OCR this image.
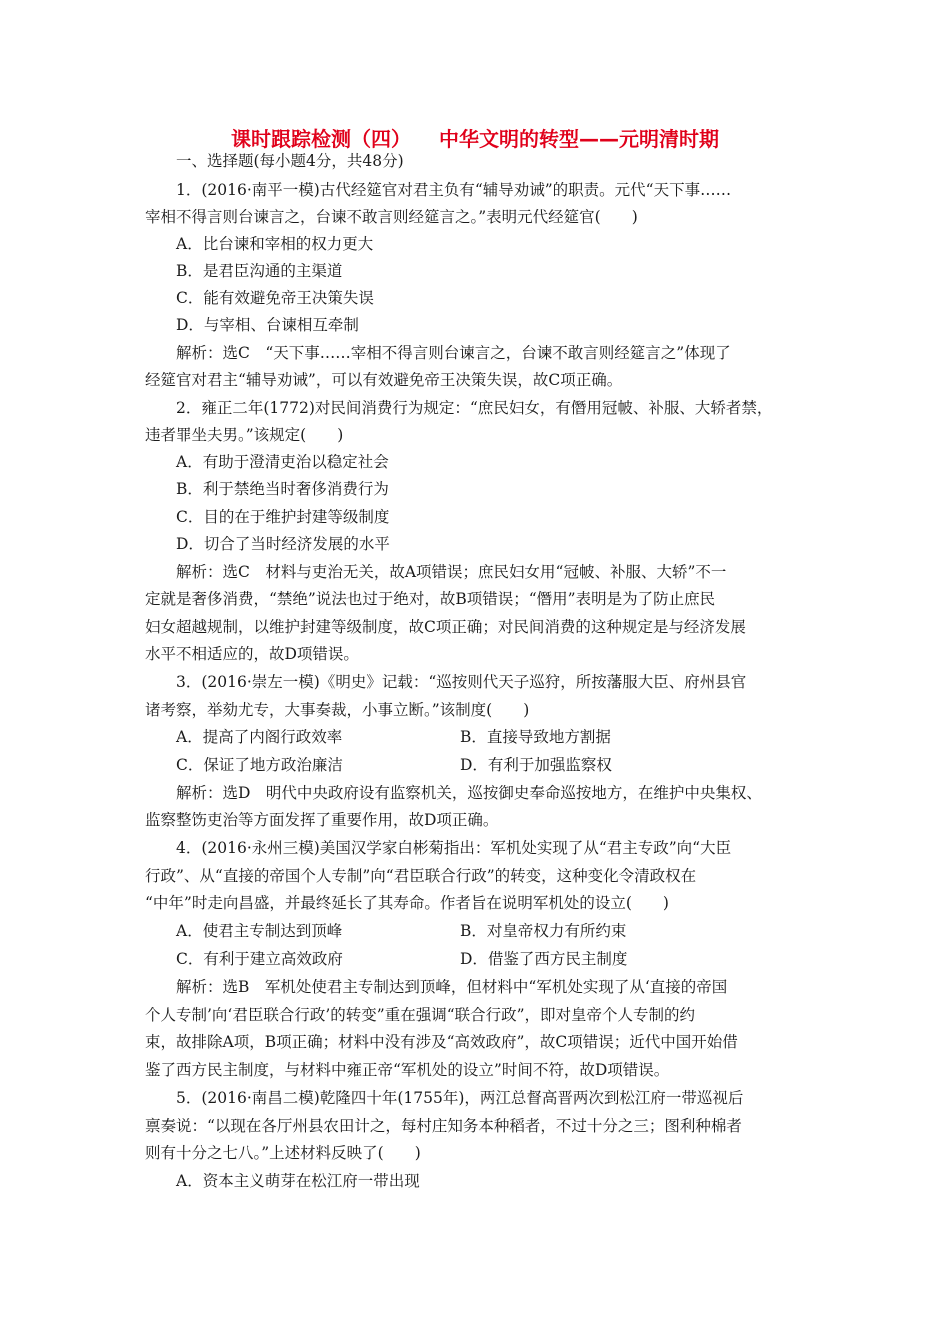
课时跟踪检测（四） 中华文明的转型——元明清时期
一、选择题(每小题4分，共48分)
1．(2016·南平一模)古代经筵官对君主负有“辅导劝诫”的职责。元代“天下事……
宰相不得言则台谏言之，台谏不敢言则经筵言之。”表明元代经筵官(　　)
A．比台谏和宰相的权力更大
B．是君臣沟通的主渠道
C．能有效避免帝王决策失误
D．与宰相、台谏相互牵制
解析：选C　“天下事……宰相不得言则台谏言之，台谏不敢言则经筵言之”体现了
经筵官对君主“辅导劝诫”，可以有效避免帝王决策失误，故C项正确。
2．雍正二年(1772)对民间消费行为规定：“庶民妇女，有僭用冠帔、补服、大轿者禁，
违者罪坐夫男。”该规定(　　)
A．有助于澄清吏治以稳定社会
B．利于禁绝当时奢侈消费行为
C．目的在于维护封建等级制度
D．切合了当时经济发展的水平
解析：选C　材料与吏治无关，故A项错误；庶民妇女用“冠帔、补服、大轿”不一
定就是奢侈消费，“禁绝”说法也过于绝对，故B项错误；“僭用”表明是为了防止庶民
妇女超越规制，以维护封建等级制度，故C项正确；对民间消费的这种规定是与经济发展
水平不相适应的，故D项错误。
3．(2016·崇左一模)《明史》记载：“巡按则代天子巡狩，所按藩服大臣、府州县官
诸考察，举劾尤专，大事奏裁，小事立断。”该制度(　　)
A．提高了内阁行政效率
C．保证了地方政治廉洁
解析：选D　明代中央政府设有监察机关，巡按御史奉命巡按地方，在维护中央集权、
监察整饬吏治等方面发挥了重要作用，故D项正确。
4．(2016·永州三模)美国汉学家白彬菊指出：军机处实现了从“君主专政”向“大臣
行政”、从“直接的帝国个人专制”向“君臣联合行政”的转变，这种变化令清政权在
“中年”时走向昌盛，并最终延长了其寿命。作者旨在说明军机处的设立(　　)
A．使君主专制达到顶峰
C．有利于建立高效政府
解析：选B　军机处使君主专制达到顶峰，但材料中“军机处实现了从‘直接的帝国
个人专制’向‘君臣联合行政’的转变”重在强调“联合行政”，即对皇帝个人专制的约
束，故排除A项，B项正确；材料中没有涉及“高效政府”，故C项错误；近代中国开始借
鉴了西方民主制度，与材料中雍正帝“军机处的设立”时间不符，故D项错误。
5．(2016·南昌二模)乾隆四十年(1755年)，两江总督高晋两次到松江府一带巡视后
禀奏说：“以现在各厅州县农田计之，每村庄知务本种稻者，不过十分之三；图利种棉者
则有十分之七八。”上述材料反映了(　　)
A．资本主义萌芽在松江府一带出现
B．直接导致地方割据
D．有利于加强监察权
B．对皇帝权力有所约束
D．借鉴了西方民主制度
